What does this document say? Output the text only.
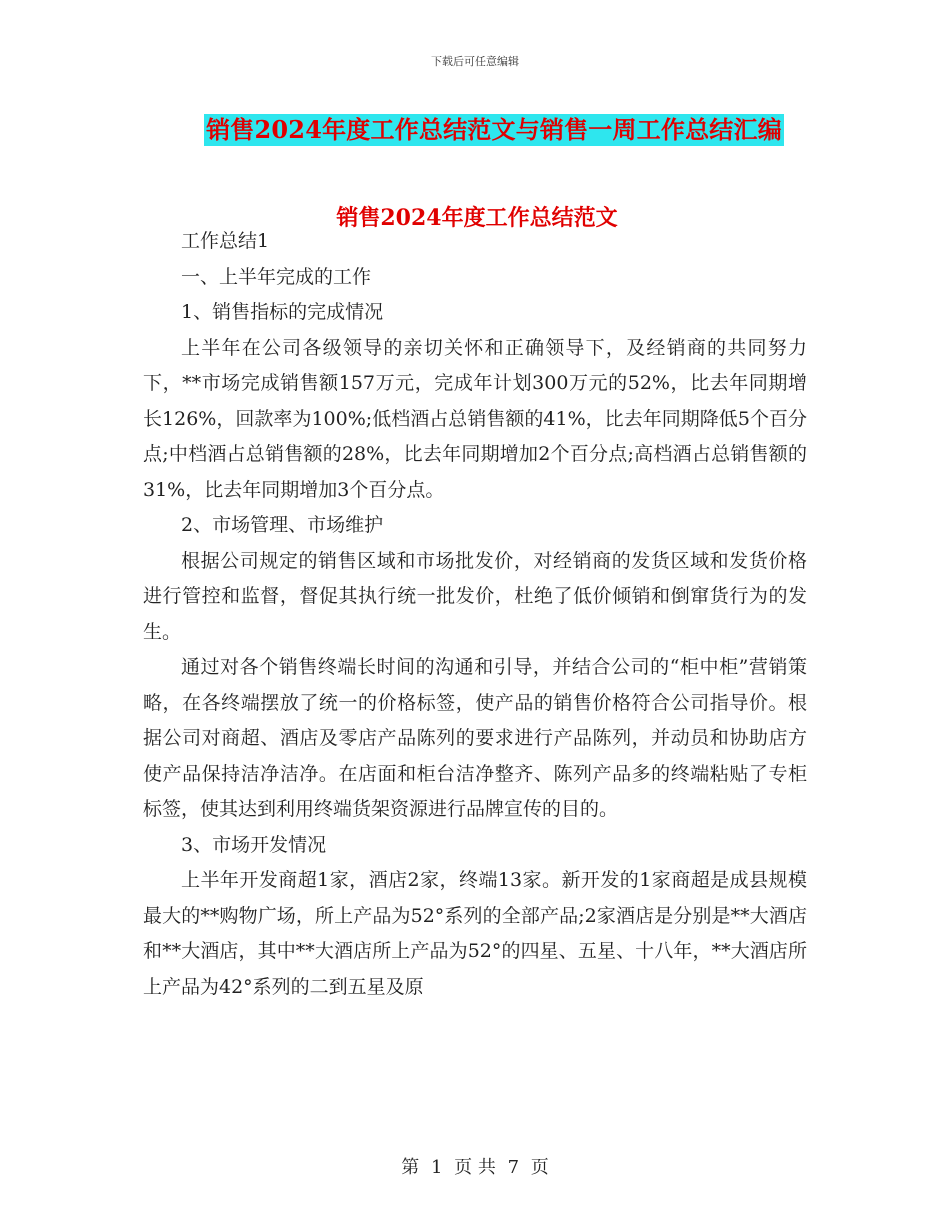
下载后可任意编辑
销售2024年度工作总结范文与销售一周工作总结汇编
销售2024年度工作总结范文

工作总结1

一、上半年完成的工作

1、销售指标的完成情况

上半年在公司各级领导的亲切关怀和正确领导下，及经销商的共同努力下，**市场完成销售额157万元，完成年计划300万元的52%，比去年同期增长126%，回款率为100%;低档酒占总销售额的41%，比去年同期降低5个百分点;中档酒占总销售额的28%，比去年同期增加2个百分点;高档酒占总销售额的31%，比去年同期增加3个百分点。

2、市场管理、市场维护

根据公司规定的销售区域和市场批发价，对经销商的发货区域和发货价格进行管控和监督，督促其执行统一批发价，杜绝了低价倾销和倒窜货行为的发生。

通过对各个销售终端长时间的沟通和引导，并结合公司的“柜中柜”营销策略，在各终端摆放了统一的价格标签，使产品的销售价格符合公司指导价。根据公司对商超、酒店及零店产品陈列的要求进行产品陈列，并动员和协助店方使产品保持洁净洁净。在店面和柜台洁净整齐、陈列产品多的终端粘贴了专柜标签，使其达到利用终端货架资源进行品牌宣传的目的。

3、市场开发情况

上半年开发商超1家，酒店2家，终端13家。新开发的1家商超是成县规模最大的**购物广场，所上产品为52°系列的全部产品;2家酒店是分别是**大酒店和**大酒店，其中**大酒店所上产品为52°的四星、五星、十八年，**大酒店所上产品为42°系列的二到五星及原

第 1 页 共 7 页
